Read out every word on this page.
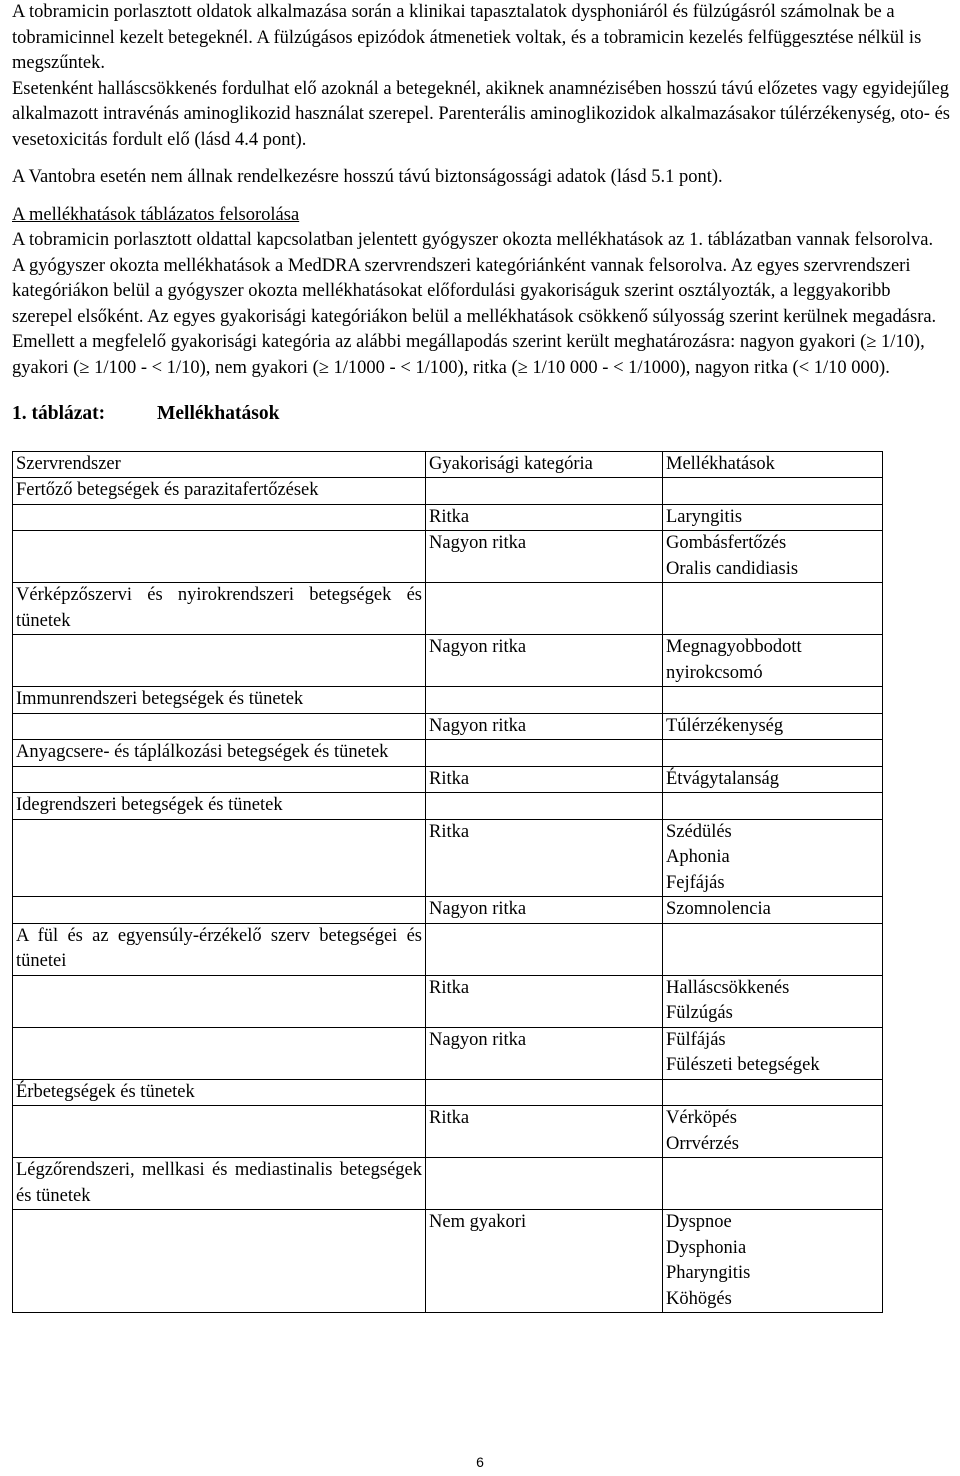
A tobramicin porlasztott oldatok alkalmazása során a klinikai tapasztalatok dysphoniáról és fülzúgásról számolnak be a tobramicinnel kezelt betegeknél. A fülzúgásos epizódok átmenetiek voltak, és a tobramicin kezelés felfüggesztése nélkül is megszűntek.

Esetenként halláscsökkenés fordulhat elő azoknál a betegeknél, akiknek anamnézisében hosszú távú előzetes vagy egyidejűleg alkalmazott intravénás aminoglikozid használat szerepel. Parenterális aminoglikozidok alkalmazásakor túlérzékenység, oto- és vesetoxicitás fordult elő (lásd 4.4 pont).

A Vantobra esetén nem állnak rendelkezésre hosszú távú biztonságossági adatok (lásd 5.1 pont).

A mellékhatások táblázatos felsorolása

A tobramicin porlasztott oldattal kapcsolatban jelentett gyógyszer okozta mellékhatások az 1. táblázatban vannak felsorolva.

A gyógyszer okozta mellékhatások a MedDRA szervrendszeri kategóriánként vannak felsorolva. Az egyes szervrendszeri kategóriákon belül a gyógyszer okozta mellékhatásokat előfordulási gyakoriságuk szerint osztályozták, a leggyakoribb szerepel elsőként. Az egyes gyakorisági kategóriákon belül a mellékhatások csökkenő súlyosság szerint kerülnek megadásra. Emellett a megfelelő gyakorisági kategória az alábbi megállapodás szerint került meghatározásra: nagyon gyakori (≥ 1/10), gyakori (≥ 1/100 - < 1/10), nem gyakori (≥ 1/1000 - < 1/100), ritka (≥ 1/10 000 - < 1/1000), nagyon ritka (< 1/10 000).

1. táblázat:	Mellékhatások
Szervrendszer	Gyakorisági kategória	Mellékhatások
Fertőző betegségek és parazitafertőzések		
	Ritka	Laryngitis

	Nagyon ritka	Gombásfertőzés
Oralis candidiasis

Vérképzőszervi és nyirokrendszeri betegségek és tünetek		
	Nagyon ritka	Megnagyobbodott
nyirokcsomó

Immunrendszeri betegségek és tünetek		
	Nagyon ritka	Túlérzékenység

Anyagcsere- és táplálkozási betegségek és tünetek		
	Ritka	Étvágytalanság

Idegrendszeri betegségek és tünetek		
	Ritka	Szédülés
Aphonia
Fejfájás

	Nagyon ritka	Szomnolencia

A fül és az egyensúly-érzékelő szerv betegségei és tünetei		
	Ritka	Halláscsökkenés
Fülzúgás

	Nagyon ritka	Fülfájás
Fülészeti betegségek

Érbetegségek és tünetek		
	Ritka	Vérköpés
Orrvérzés

Légzőrendszeri, mellkasi és mediastinalis betegségek és tünetek		
	Nem gyakori	Dyspnoe
Dysphonia
Pharyngitis
Köhögés
6
